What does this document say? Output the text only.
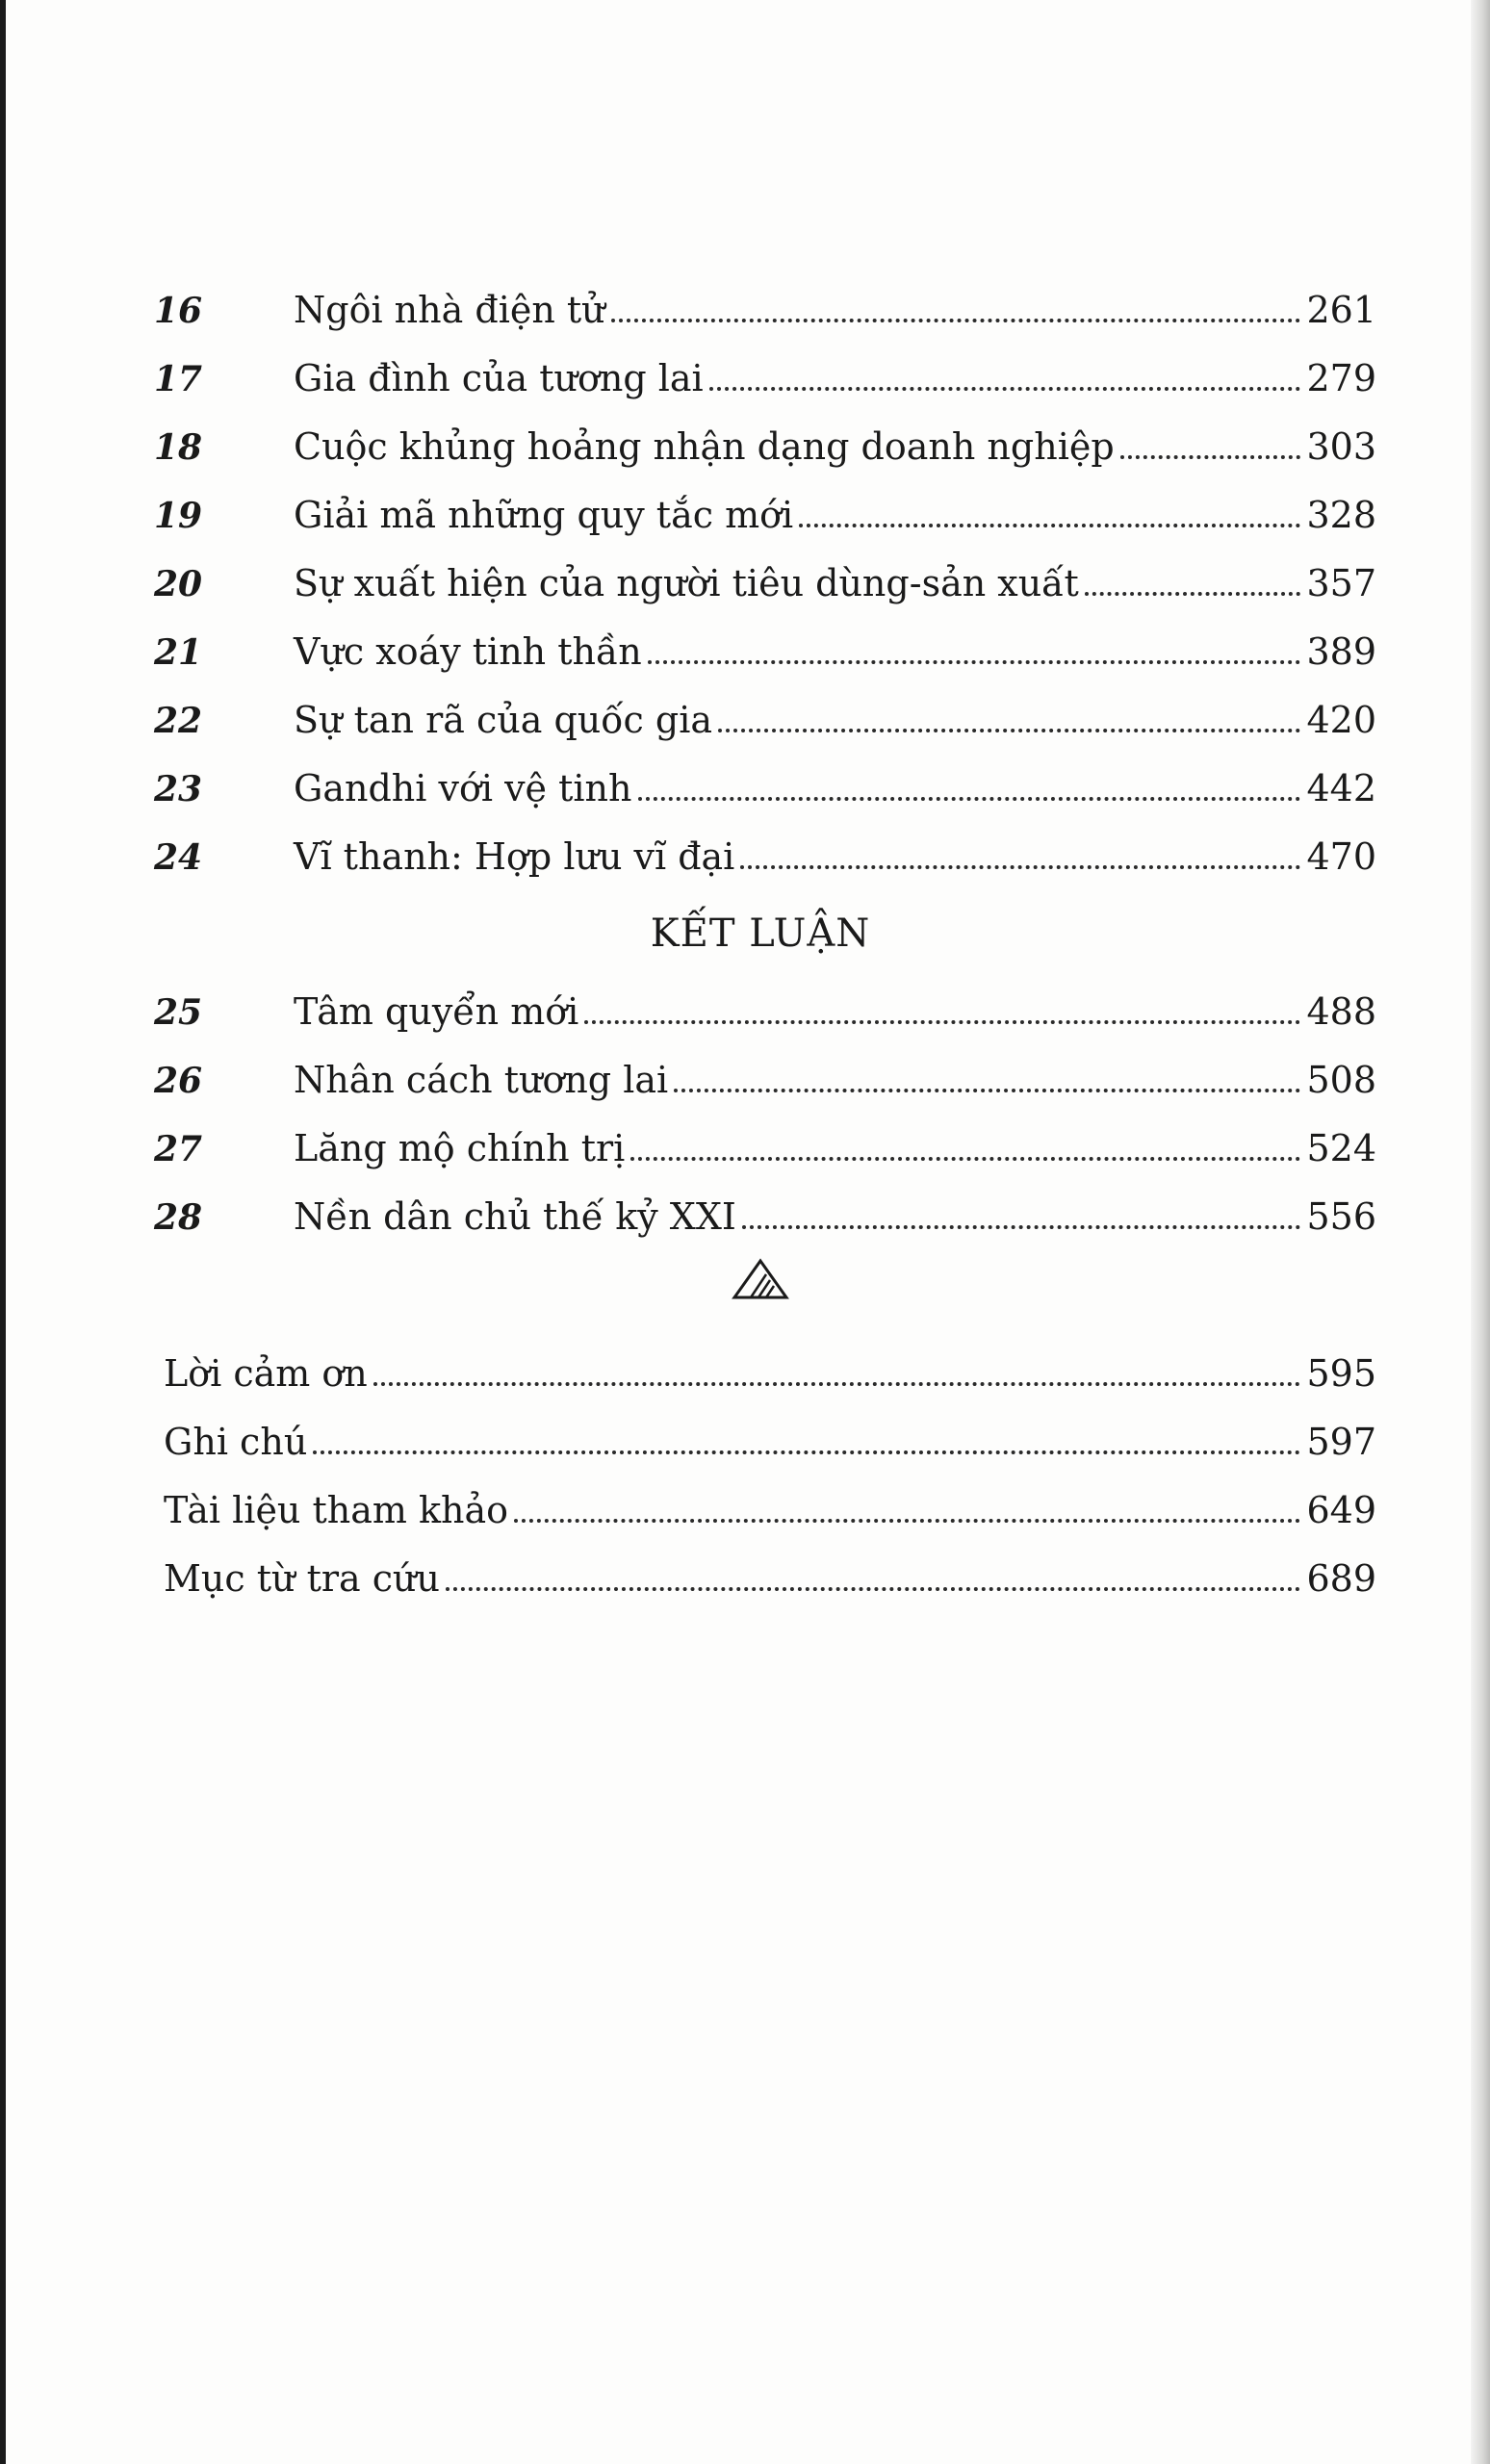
16	Ngôi nhà điện tử	261
17	Gia đình của tương lai	279
18	Cuộc khủng hoảng nhận dạng doanh nghiệp	303
19	Giải mã những quy tắc mới	328
20	Sự xuất hiện của người tiêu dùng-sản xuất	357
21	Vực xoáy tinh thần	389
22	Sự tan rã của quốc gia	420
23	Gandhi với vệ tinh	442
24	Vĩ thanh: Hợp lưu vĩ đại	470
KẾT LUẬN
25	Tâm quyển mới	488
26	Nhân cách tương lai	508
27	Lăng mộ chính trị	524
28	Nền dân chủ thế kỷ XXI	556
Lời cảm ơn	595
Ghi chú	597
Tài liệu tham khảo	649
Mục từ tra cứu	689
